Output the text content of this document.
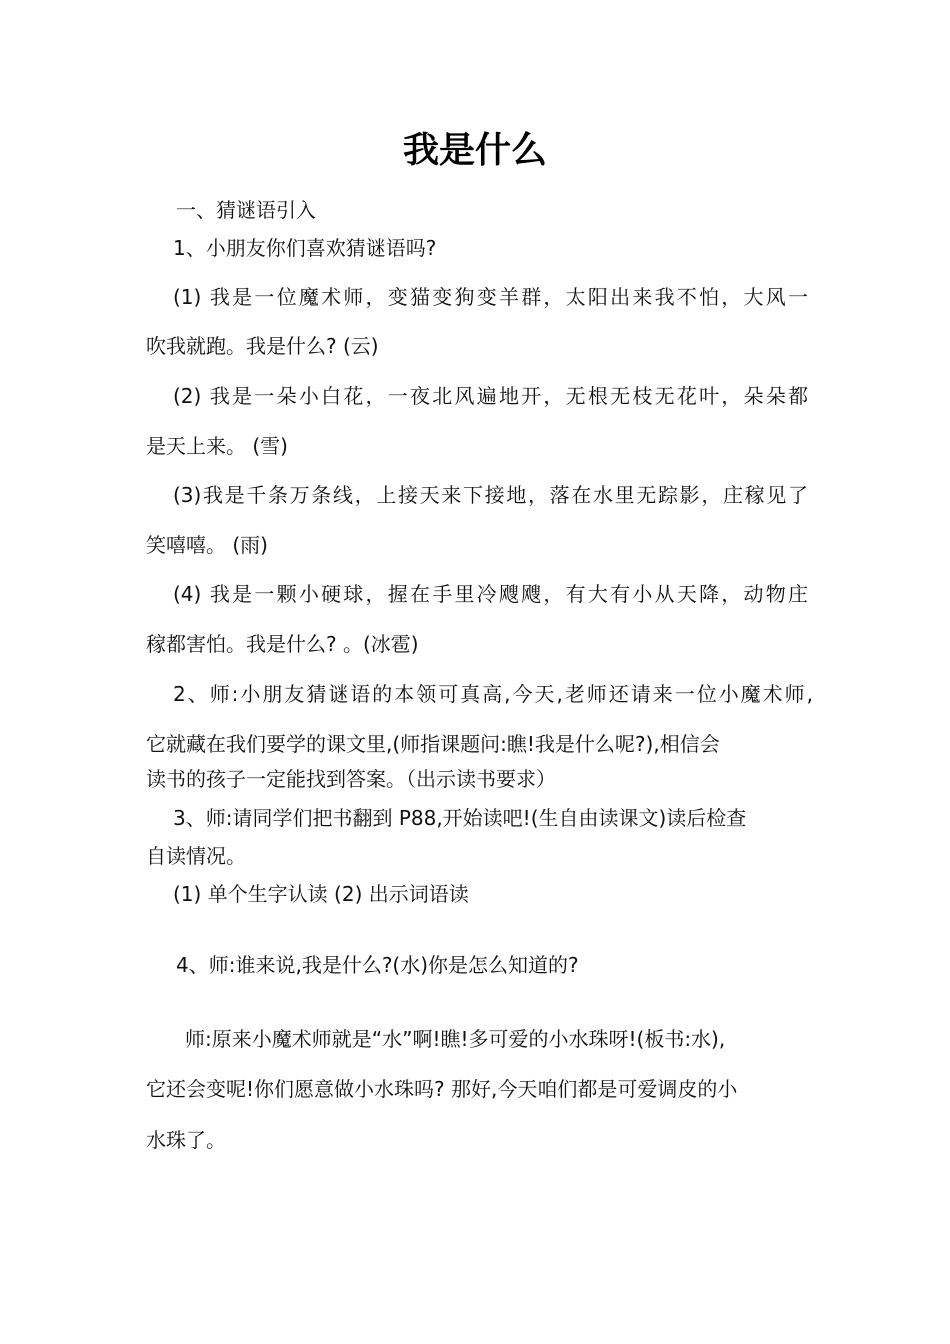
我是什么
一、猜谜语引入
1、小朋友你们喜欢猜谜语吗?
(1) 我是一位魔术师，变猫变狗变羊群，太阳出来我不怕，大风一
吹我就跑。我是什么? (云)
(2) 我是一朵小白花，一夜北风遍地开，无根无枝无花叶，朵朵都
是天上来。 (雪)
(3)我是千条万条线，上接天来下接地，落在水里无踪影，庄稼见了
笑嘻嘻。 (雨)
(4) 我是一颗小硬球，握在手里冷飕飕，有大有小从天降，动物庄
稼都害怕。我是什么? 。(冰雹)
2、师:小朋友猜谜语的本领可真高,今天,老师还请来一位小魔术师,
它就藏在我们要学的课文里,(师指课题问:瞧!我是什么呢?),相信会
读书的孩子一定能找到答案。（出示读书要求）
3、师:请同学们把书翻到 P88,开始读吧!(生自由读课文)读后检查
自读情况。
(1) 单个生字认读 (2) 出示词语读
4、师:谁来说,我是什么?(水)你是怎么知道的?
师:原来小魔术师就是“水”啊!瞧!多可爱的小水珠呀!(板书:水),
它还会变呢!你们愿意做小水珠吗? 那好,今天咱们都是可爱调皮的小
水珠了。
